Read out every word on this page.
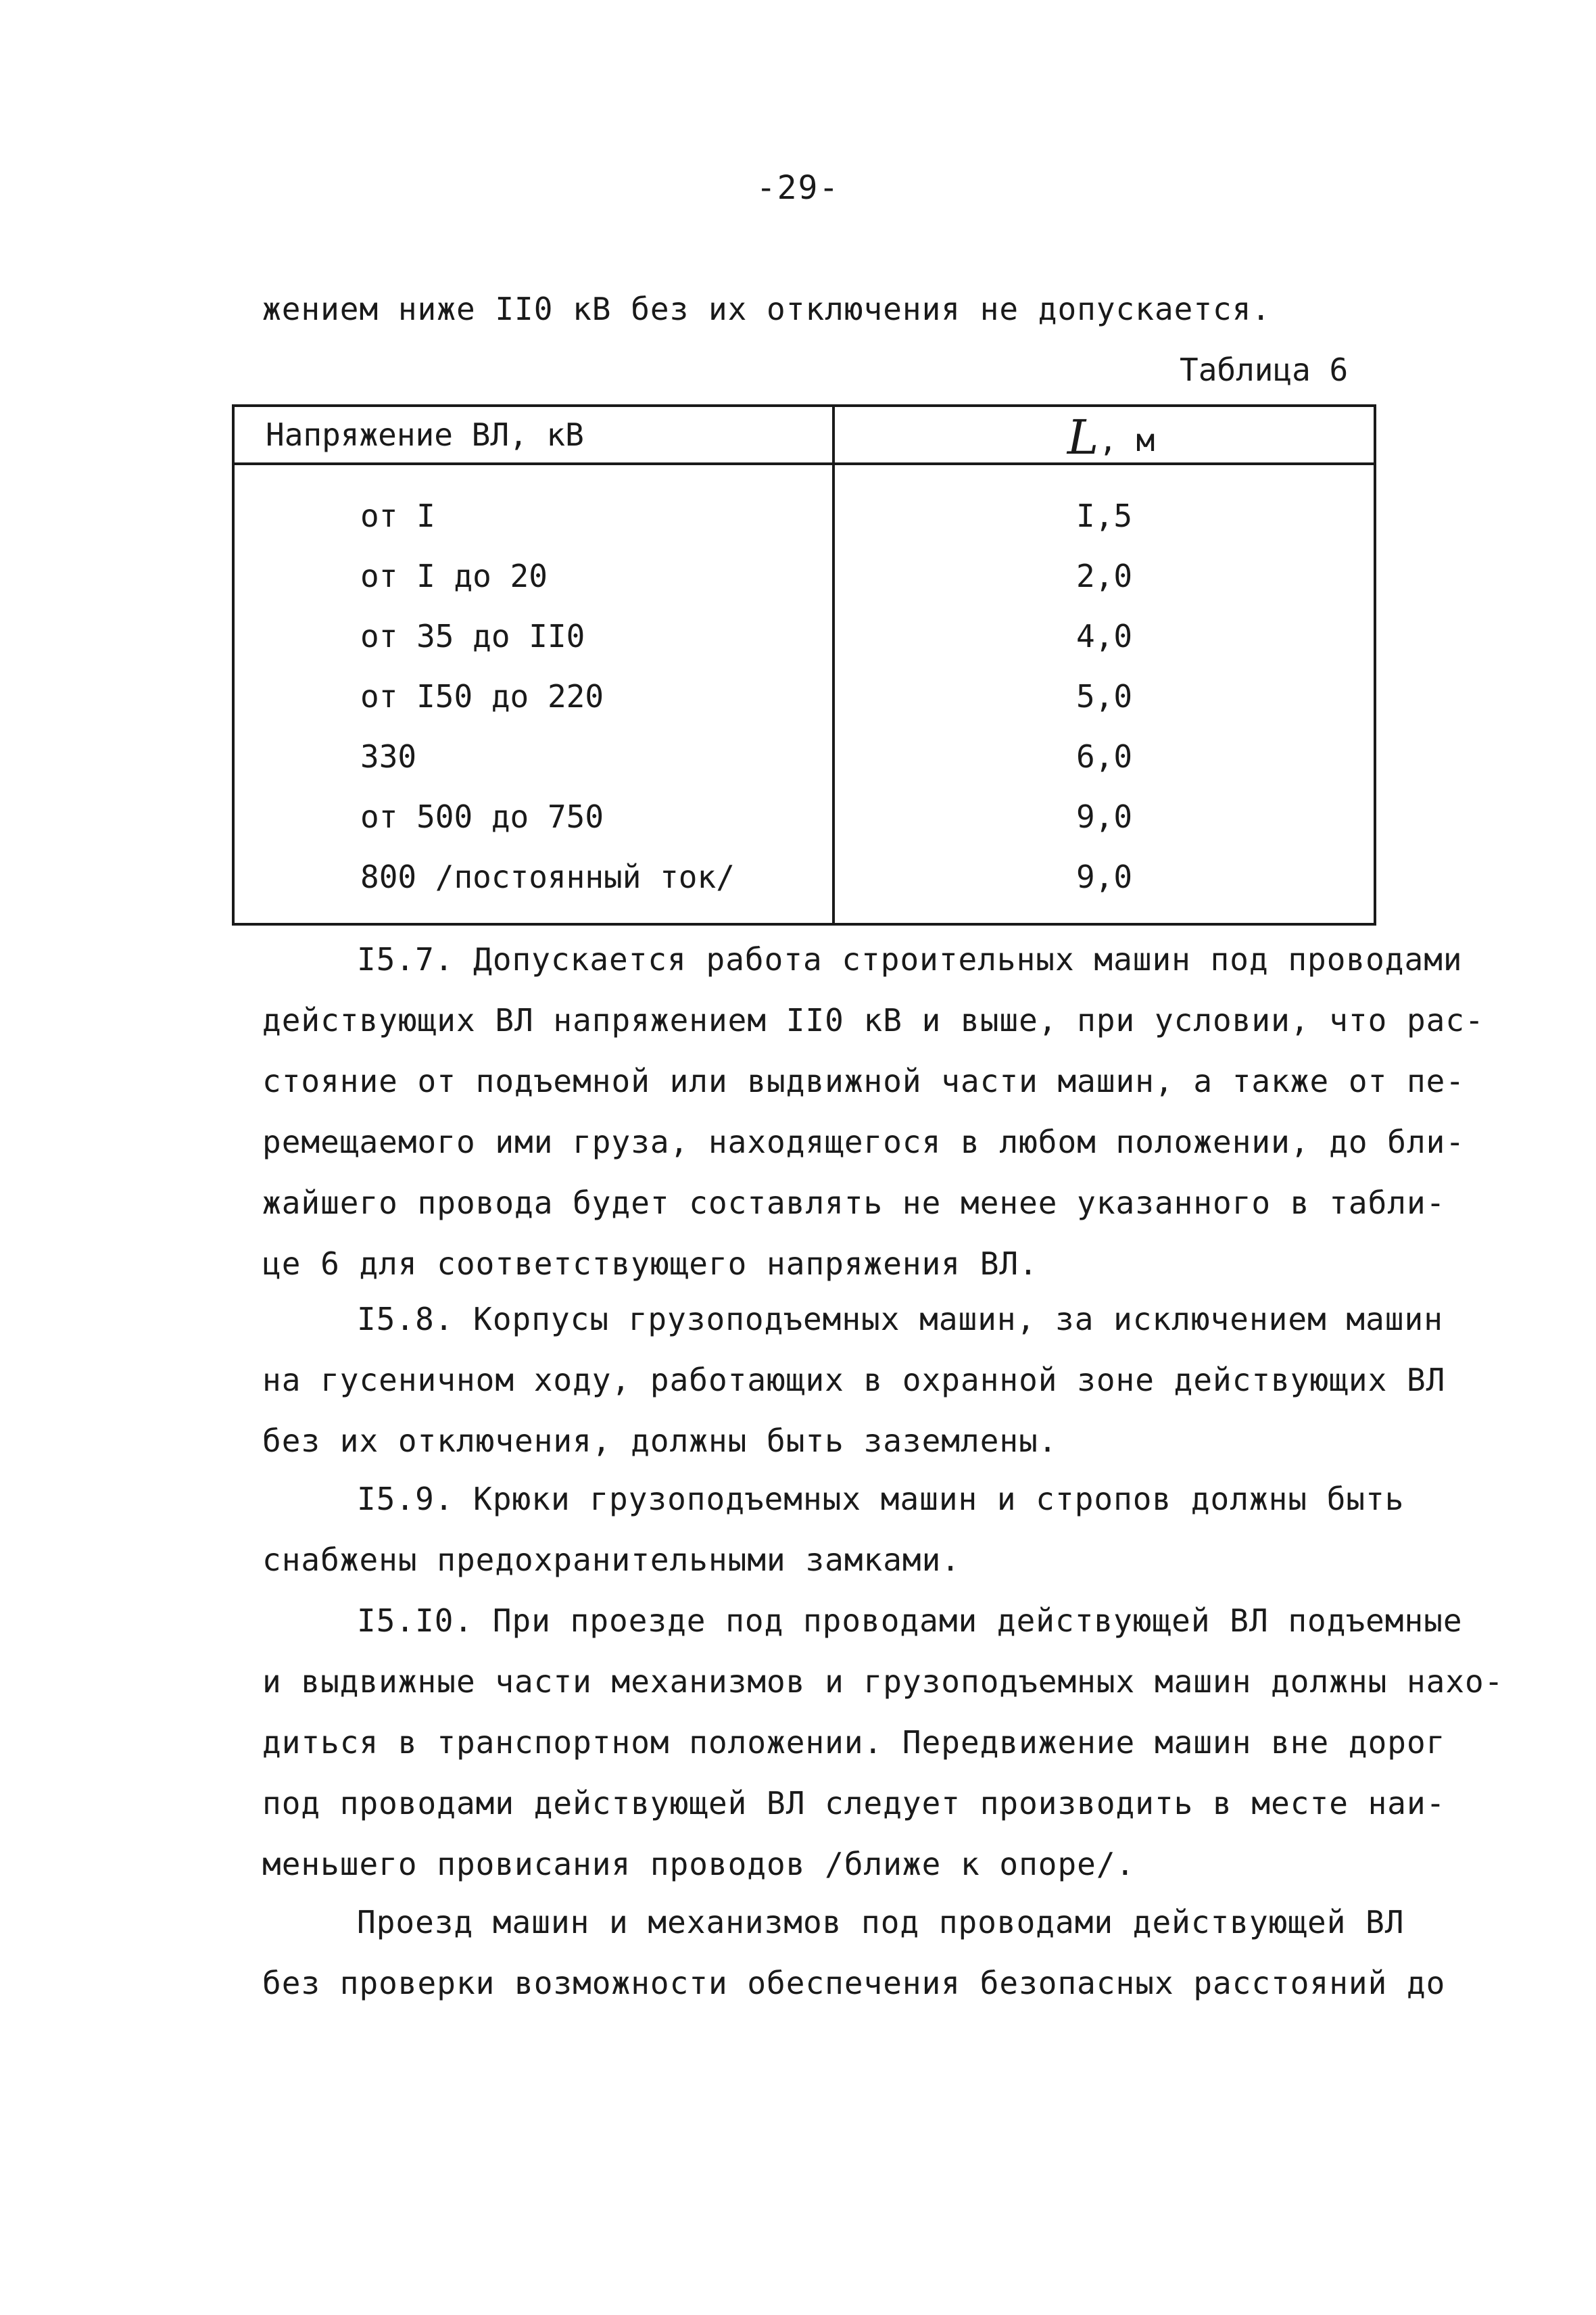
-29-
жением ниже II0 кВ без их отключения не допускается.
Таблица 6
Напряжение ВЛ, кВ	L, м
от I	I,5
от I до 20	2,0
от 35 до II0	4,0
от I50 до 220	5,0
330	6,0
от 500 до 750	9,0
800 /постоянный ток/	9,0
I5.7. Допускается работа строительных машин под проводами
действующих ВЛ напряжением II0 кВ и выше, при условии, что рас-
стояние от подъемной или выдвижной части машин, а также от пе-
ремещаемого ими груза, находящегося в любом положении, до бли-
жайшего провода будет составлять не менее указанного в табли-
це 6 для соответствующего напряжения ВЛ.
I5.8. Корпусы грузоподъемных машин, за исключением машин
на гусеничном ходу, работающих в охранной зоне действующих ВЛ
без их отключения, должны быть заземлены.
I5.9. Крюки грузоподъемных машин и стропов должны быть
снабжены предохранительными замками.
I5.I0. При проезде под проводами действующей ВЛ подъемные
и выдвижные части механизмов и грузоподъемных машин должны нахо-
диться в транспортном положении. Передвижение машин вне дорог
под проводами действующей ВЛ следует производить в месте наи-
меньшего провисания проводов /ближе к опоре/.
Проезд машин и механизмов под проводами действующей ВЛ
без проверки возможности обеспечения безопасных расстояний до
